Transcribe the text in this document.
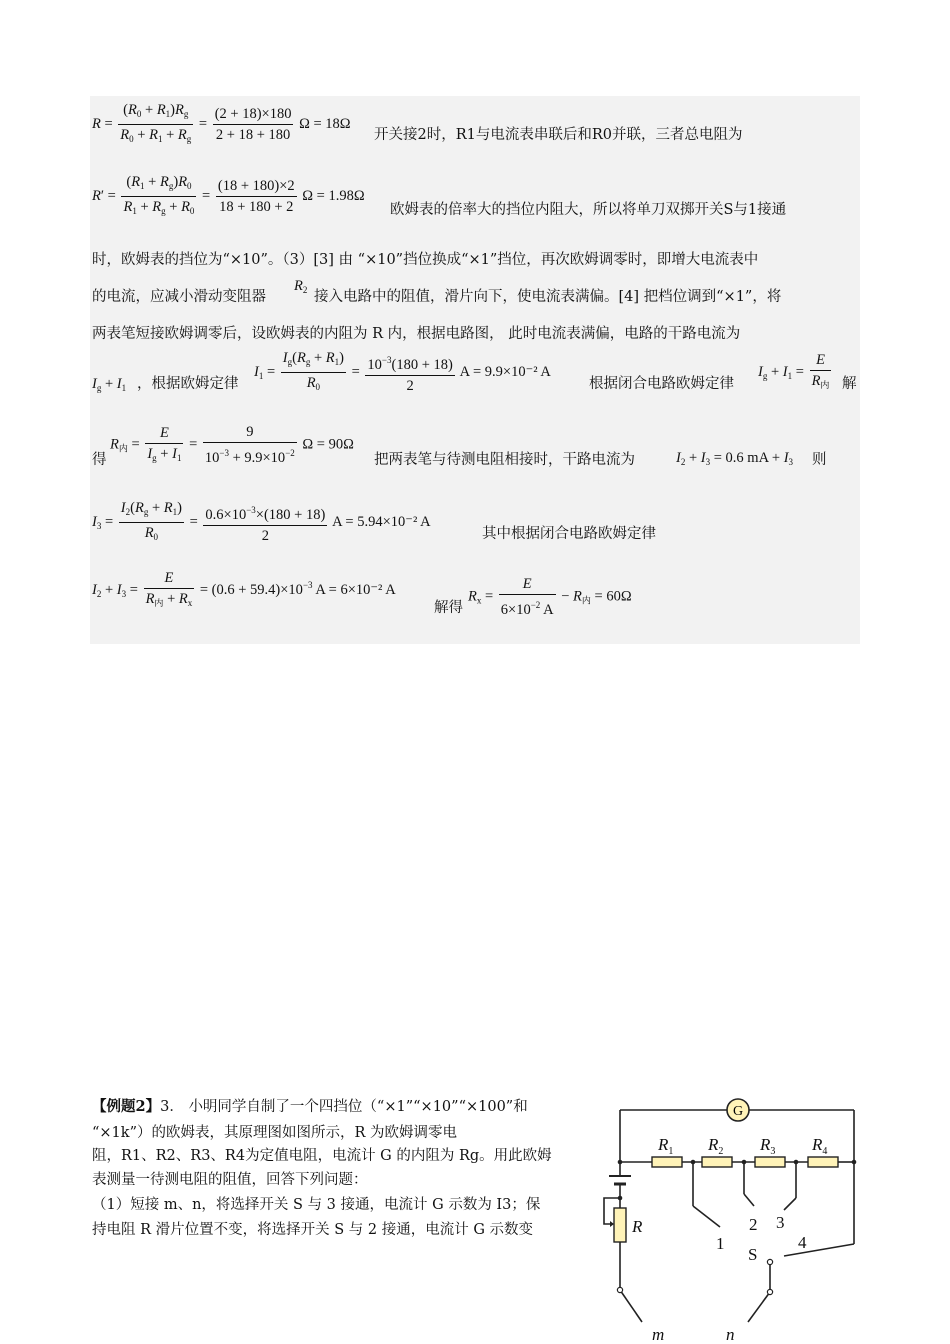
$R = \frac{(R_0 + R_1)R_g}{R_0 + R_1 + R_g} = \frac{(2 + 18)\times 180}{2 + 18 + 180}$ Ω = 18Ω
开关接2时，R1与电流表串联后和R0并联，三者总电阻为
$R' = \frac{(R_1 + R_g)R_0}{R_1 + R_g + R_0} = \frac{(18 + 180)\times 2}{18 + 180 + 2}$ Ω = 1.98Ω
欧姆表的倍率大的挡位内阻大，所以将单刀双掷开关S与1接通
时，欧姆表的挡位为“×10”。（3）[3] 由 “×10”挡位换成“×1”挡位，再次欧姆调零时，即增大电流表中
的电流，应减小滑动变阻器
$R_2$ 接入电路中的阻值，滑片向下，使电流表满偏。[4] 把档位调到“×1”，将
两表笔短接欧姆调零后，设欧姆表的内阻为 R 内，根据电路图， 此时电流表满偏，电路的干路电流为
$I_g + I_1$ ，根据欧姆定律
$I_1 = \frac{I_g(R_g + R_1)}{R_0} = \frac{10^{-3}(180 + 18)}{2}$ A = 9.9×10⁻² A
根据闭合电路欧姆定律
$I_g + I_1 = \frac{E}{R_内}$ 解
得
$R_内 = \frac{E}{I_g + I_1} = \frac{9}{10^{-3} + 9.9\times 10^{-2}}$ Ω = 90Ω
把两表笔与待测电阻相接时，干路电流为	$I_2 + I_3 = 0.6$ mA + $I_3$ 则
$I_3 = \frac{I_2(R_g + R_1)}{R_0} = \frac{0.6\times 10^{-3}\times(180 + 18)}{2}$ A = 5.94×10⁻² A
其中根据闭合电路欧姆定律
$I_2 + I_3 = \frac{E}{R_内 + R_x} = (0.6 + 59.4)\times 10^{-3}$ A = 6×10⁻² A
解得
$R_x = \frac{E}{6\times 10^{-2} A} - R_内 = 60\Omega$
【例题2】3． 小明同学自制了一个四挡位（“×1”“×10”“×100”和
“×1k”）的欧姆表，其原理图如图所示，R 为欧姆调零电
阻，R1、R2、R3、R4为定值电阻，电流计 G 的内阻为 Rg。用此欧姆
表测量一待测电阻的阻值，回答下列问题：
（1）短接 m、n，将选择开关 S 与 3 接通，电流计 G 示数为 I3；保
持电阻 R 滑片位置不变，将选择开关 S 与 2 接通，电流计 G 示数变
G
$R_1$ $R_2$ $R_3$ $R_4$
R
m	n
1
2 3
4
S
